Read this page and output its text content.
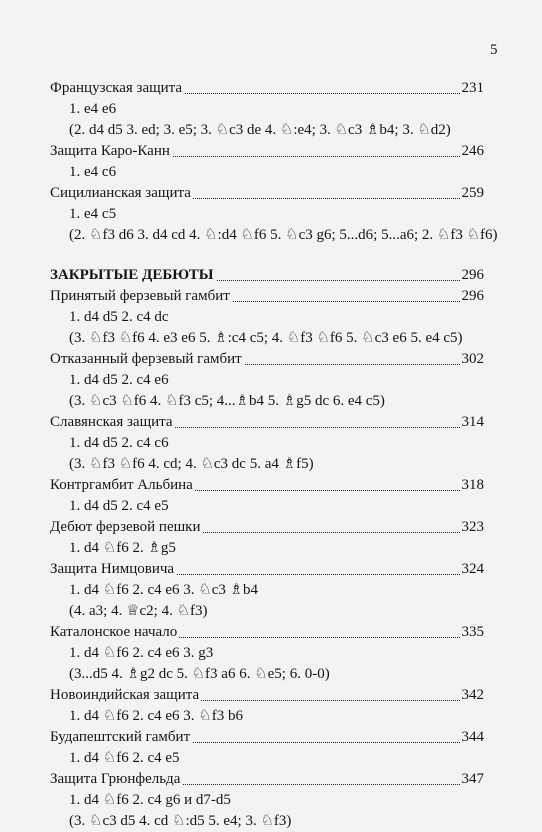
5
Французская защита	231
1. e4 e6
(2. d4 d5 3. ed; 3. e5; 3. ♘c3 de 4. ♘:e4; 3. ♘c3 ♗b4; 3. ♘d2)
Защита Каро-Канн	246
1. e4 c6
Сицилианская защита	259
1. e4 c5
(2. ♘f3 d6 3. d4 cd 4. ♘:d4 ♘f6 5. ♘c3 g6; 5...d6; 5...a6; 2. ♘f3 ♘f6)
ЗАКРЫТЫЕ ДЕБЮТЫ	296
Принятый ферзевый гамбит	296
1. d4 d5 2. c4 dc
(3. ♘f3 ♘f6 4. e3 e6 5. ♗:c4 c5; 4. ♘f3 ♘f6 5. ♘c3 e6 5. e4 c5)
Отказанный ферзевый гамбит	302
1. d4 d5 2. c4 e6
(3. ♘c3 ♘f6 4. ♘f3 c5; 4...♗b4 5. ♗g5 dc 6. e4 c5)
Славянская защита	314
1. d4 d5 2. c4 c6
(3. ♘f3 ♘f6 4. cd; 4. ♘c3 dc 5. a4 ♗f5)
Контргамбит Альбина	318
1. d4 d5 2. c4 e5
Дебют ферзевой пешки	323
1. d4 ♘f6 2. ♗g5
Защита Нимцовича	324
1. d4 ♘f6 2. c4 e6 3. ♘c3 ♗b4
(4. a3; 4. ♕c2; 4. ♘f3)
Каталонское начало	335
1. d4 ♘f6 2. c4 e6 3. g3
(3...d5 4. ♗g2 dc 5. ♘f3 a6 6. ♘e5; 6. 0-0)
Новоиндийская защита	342
1. d4 ♘f6 2. c4 e6 3. ♘f3 b6
Будапештский гамбит	344
1. d4 ♘f6 2. c4 e5
Защита Грюнфельда	347
1. d4 ♘f6 2. c4 g6 и d7-d5
(3. ♘c3 d5 4. cd ♘:d5 5. e4; 3. ♘f3)
